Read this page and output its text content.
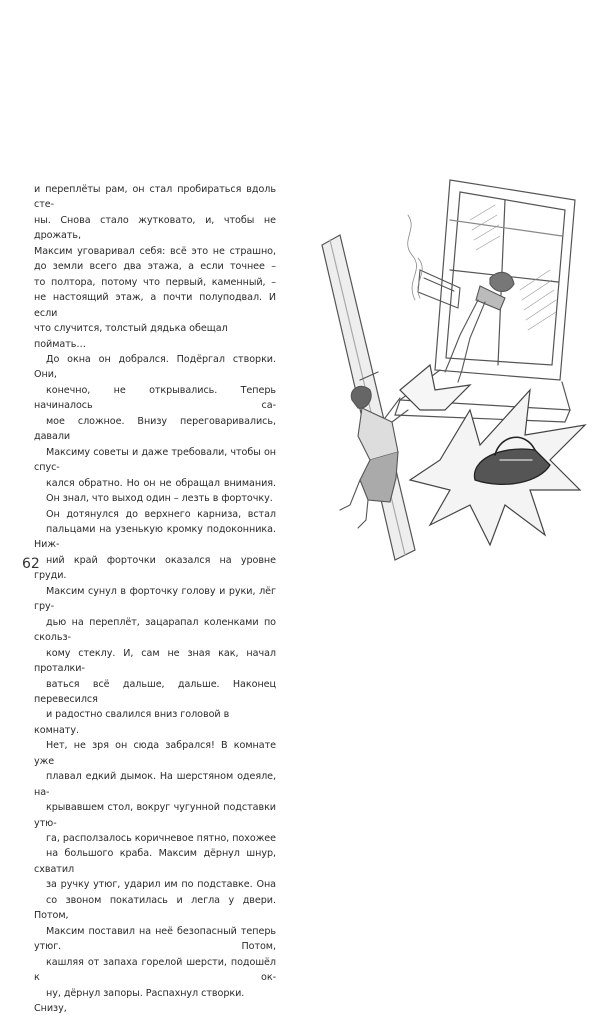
и переплёты рам, он стал пробираться вдоль сте-
ны. Снова стало жутковато, и, чтобы не дрожать,
Максим уговаривал себя: всё это не страшно,
до земли всего два этажа, а если точнее –
то полтора, потому что первый, каменный, –
не настоящий этаж, а почти полуподвал. И если
что случится, толстый дядька обещал поймать…

До окна он добрался. Подёргал створки. Они,
конечно, не открывались. Теперь начиналось са-
мое сложное. Внизу переговаривались, давали
Максиму советы и даже требовали, чтобы он спус-
кался обратно. Но он не обращал внимания.
Он знал, что выход один – лезть в форточку.

Он дотянулся до верхнего карниза, встал
пальцами на узенькую кромку подоконника. Ниж-
ний край форточки оказался на уровне груди.
Максим сунул в форточку голову и руки, лёг гру-
дью на переплёт, зацарапал коленками по скольз-
кому стеклу. И, сам не зная как, начал проталки-
ваться всё дальше, дальше. Наконец перевесился
и радостно свалился вниз головой в комнату.

Нет, не зря он сюда забрался! В комнате уже
плавал едкий дымок. На шерстяном одеяле, на-
крывавшем стол, вокруг чугунной подставки утю-
га, расползалось коричневое пятно, похожее
на большого краба. Максим дёрнул шнур, схватил
за ручку утюг, ударил им по подставке. Она
со звоном покатилась и легла у двери. Потом,
Максим поставил на неё безопасный теперь утюг. Потом,
кашляя от запаха горелой шерсти, подошёл к ок-
ну, дёрнул запоры. Распахнул створки. Снизу,

62
